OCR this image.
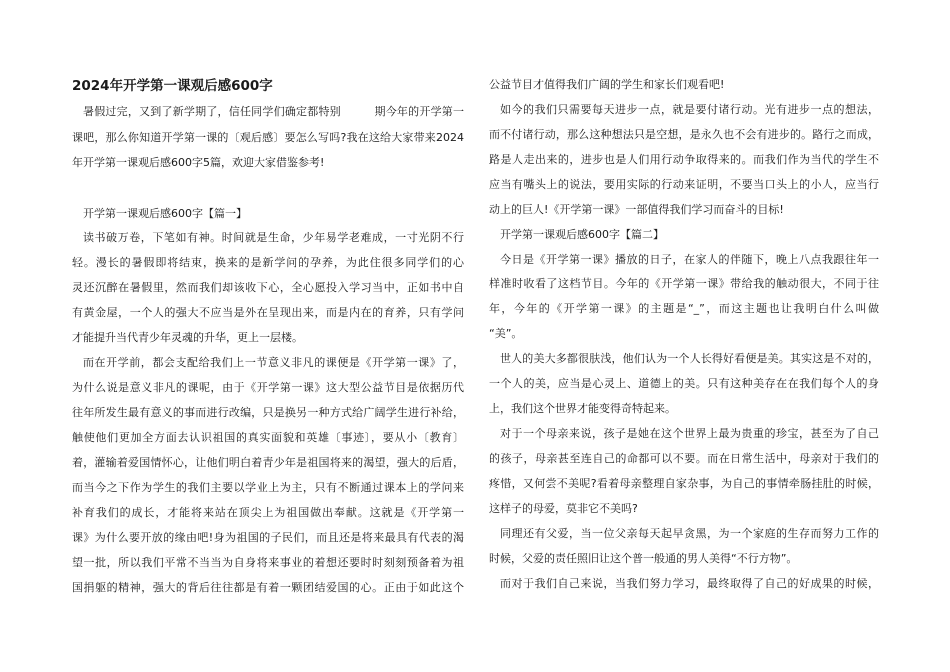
2024年开学第一课观后感600字
暑假过完，又到了新学期了，信任同学们确定都特别　　　期今年的开学第一
课吧，那么你知道开学第一课的〔观后感〕要怎么写吗?我在这给大家带来2024
年开学第一课观后感600字5篇，欢迎大家借鉴参考!
开学第一课观后感600字【篇一】
读书破万卷，下笔如有神。时间就是生命，少年易学老难成，一寸光阴不行
轻。漫长的暑假即将结束，换来的是新学问的孕养，为此住很多同学们的心
灵还沉醉在暑假里，然而我们却该收下心，全心愿投入学习当中，正如书中自
有黄金屋，一个人的强大不应当是外在呈现出来，而是内在的育养，只有学问
才能提升当代青少年灵魂的升华，更上一层楼。
而在开学前，都会支配给我们上一节意义非凡的课便是《开学第一课》了，
为什么说是意义非凡的课呢，由于《开学第一课》这大型公益节目是依据历代
往年所发生最有意义的事而进行改编，只是换另一种方式给广阔学生进行补给，
触使他们更加全方面去认识祖国的真实面貌和英雄〔事迹〕，要从小〔教育〕
着，灌输着爱国情怀心，让他们明白着青少年是祖国将来的渴望，强大的后盾，
而当今之下作为学生的我们主要以学业上为主，只有不断通过课本上的学问来
补育我们的成长，才能将来站在顶尖上为祖国做出奉献。这就是《开学第一
课》为什么要开放的缘由吧!身为祖国的子民们，而且还是将来最具有代表的渴
望一批，所以我们平常不当当为自身将来事业的着想还要时时刻刻预备着为祖
国捐躯的精神，强大的背后往往都是有着一颗团结爱国的心。正由于如此这个
公益节目才值得我们广阔的学生和家长们观看吧!
如今的我们只需要每天进步一点，就是要付诸行动。光有进步一点的想法，
而不付诸行动，那么这种想法只是空想，是永久也不会有进步的。路行之而成，
路是人走出来的，进步也是人们用行动争取得来的。而我们作为当代的学生不
应当有嘴头上的说法，要用实际的行动来证明，不要当口头上的小人，应当行
动上的巨人!《开学第一课》一部值得我们学习而奋斗的目标!
开学第一课观后感600字【篇二】
今日是《开学第一课》播放的日子，在家人的伴随下，晚上八点我跟往年一
样准时收看了这档节目。今年的《开学第一课》带给我的触动很大，不同于往
年，今年的《开学第一课》的主题是“_”，而这主题也让我明白什么叫做
“美”。
世人的美大多都很肤浅，他们认为一个人长得好看便是美。其实这是不对的，
一个人的美，应当是心灵上、道德上的美。只有这种美存在在我们每个人的身
上，我们这个世界才能变得奇特起来。
对于一个母亲来说，孩子是她在这个世界上最为贵重的珍宝，甚至为了自己
的孩子，母亲甚至连自己的命都可以不要。而在日常生活中，母亲对于我们的
疼惜，又何尝不美呢?看着母亲整理自家杂事，为自己的事情牵肠挂肚的时候，
这样子的母爱，莫非它不美吗?
同理还有父爱，当一位父亲每天起早贪黑，为一个家庭的生存而努力工作的
时候，父爱的责任照旧让这个普一般通的男人美得“不行方物”。
而对于我们自己来说，当我们努力学习，最终取得了自己的好成果的时候，
